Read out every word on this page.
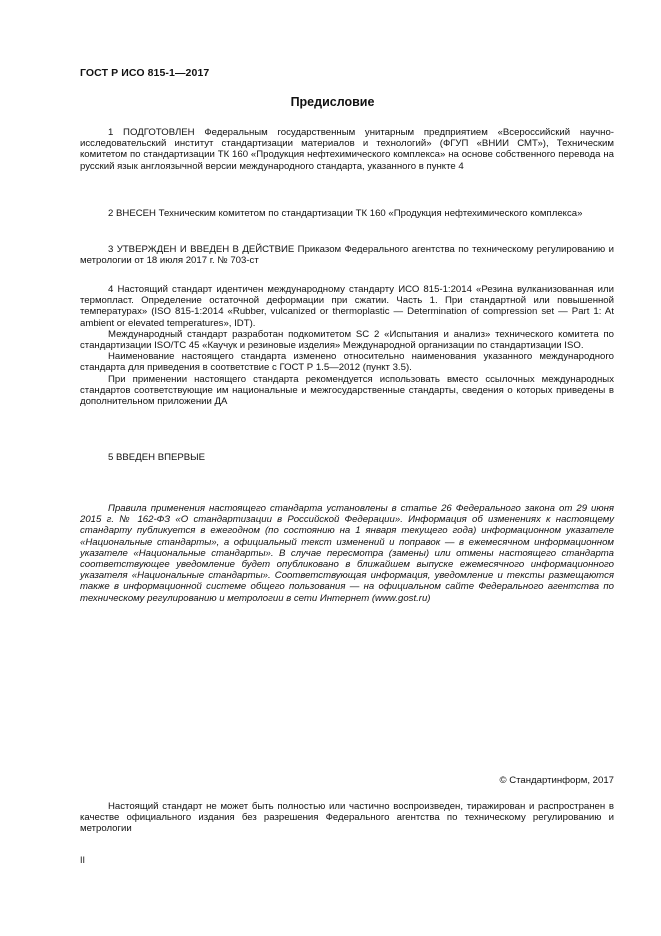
ГОСТ Р ИСО 815-1—2017
Предисловие

1 ПОДГОТОВЛЕН Федеральным государственным унитарным предприятием «Всероссийский научно-исследовательский институт стандартизации материалов и технологий» (ФГУП «ВНИИ СМТ»), Техническим комитетом по стандартизации ТК 160 «Продукция нефтехимического комплекса» на основе собственного перевода на русский язык англоязычной версии международного стандарта, указанного в пункте 4

2 ВНЕСЕН Техническим комитетом по стандартизации ТК 160 «Продукция нефтехимического комплекса»

3 УТВЕРЖДЕН И ВВЕДЕН В ДЕЙСТВИЕ Приказом Федерального агентства по техническому регулированию и метрологии от 18 июля 2017 г. № 703-ст

4 Настоящий стандарт идентичен международному стандарту ИСО 815-1:2014 «Резина вулканизованная или термопласт. Определение остаточной деформации при сжатии. Часть 1. При стандартной или повышенной температурах» (ISO 815-1:2014 «Rubber, vulcanized or thermoplastic — Determination of compression set — Part 1: At ambient or elevated temperatures», IDT).

Международный стандарт разработан подкомитетом SC 2 «Испытания и анализ» технического комитета по стандартизации ISO/TC 45 «Каучук и резиновые изделия» Международной организации по стандартизации ISO.

Наименование настоящего стандарта изменено относительно наименования указанного международного стандарта для приведения в соответствие с ГОСТ Р 1.5—2012 (пункт 3.5).

При применении настоящего стандарта рекомендуется использовать вместо ссылочных международных стандартов соответствующие им национальные и межгосударственные стандарты, сведения о которых приведены в дополнительном приложении ДА

5 ВВЕДЕН ВПЕРВЫЕ

Правила применения настоящего стандарта установлены в статье 26 Федерального закона от 29 июня 2015 г. № 162-ФЗ «О стандартизации в Российской Федерации». Информация об изменениях к настоящему стандарту публикуется в ежегодном (по состоянию на 1 января текущего года) информационном указателе «Национальные стандарты», а официальный текст изменений и поправок — в ежемесячном информационном указателе «Национальные стандарты». В случае пересмотра (замены) или отмены настоящего стандарта соответствующее уведомление будет опубликовано в ближайшем выпуске ежемесячного информационного указателя «Национальные стандарты». Соответствующая информация, уведомление и тексты размещаются также в информационной системе общего пользования — на официальном сайте Федерального агентства по техническому регулированию и метрологии в сети Интернет (www.gost.ru)

© Стандартинформ, 2017

Настоящий стандарт не может быть полностью или частично воспроизведен, тиражирован и распространен в качестве официального издания без разрешения Федерального агентства по техническому регулированию и метрологии

II
